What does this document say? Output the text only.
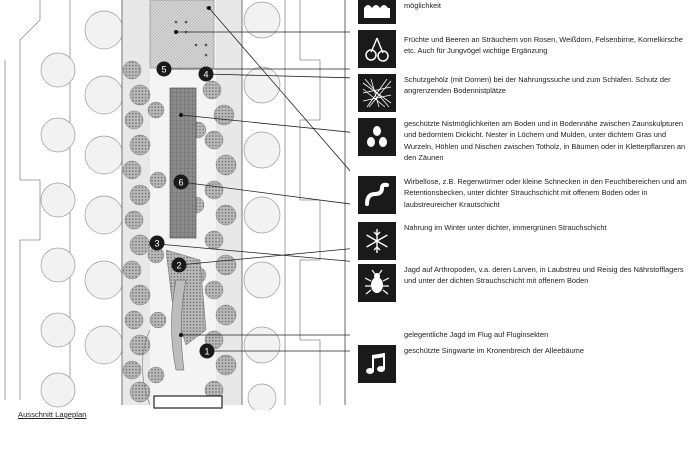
5	4
6
3
2
1
Ausschnitt Lageplan
möglichkeit
Früchte und Beeren an Sträuchern von Rosen, Weißdorn, Felsenbirne, Kornelkirsche etc. Auch für Jungvögel wichtige Ergänzung
Schutzgehölz (mit Dornen) bei der Nahrungssuche und zum Schlafen. Schutz der angrenzenden Bodennistplätze
geschützte Nistmöglichkeiten am Boden und in Bodennähe zwischen Zaunskulpturen und bedorntem Dickicht. Nester in Löchern und Mulden, unter dichtem Gras und Wurzeln, Höhlen und Nischen zwischen Totholz, in Bäumen oder in Kletterpflanzen an den Zäunen
Wirbellose, z.B. Regenwürmer oder kleine Schnecken in den Feuchtbereichen und am Retentionsbecken, unter dichter Strauchschicht mit offenem Boden oder in laubstreureicher Krautschicht
Nahrung im Winter unter dichter, immergrünen Strauchschicht
Jagd auf Arthropoden, v.a. deren Larven, in Laubstreu und Reisig des Nährstofflagers und unter der dichten Strauchschicht mit offenem Boden
gelegentliche Jagd im Flug auf Fluginsekten
geschützte Singwarte im Kronenbreich der Alleebäume
